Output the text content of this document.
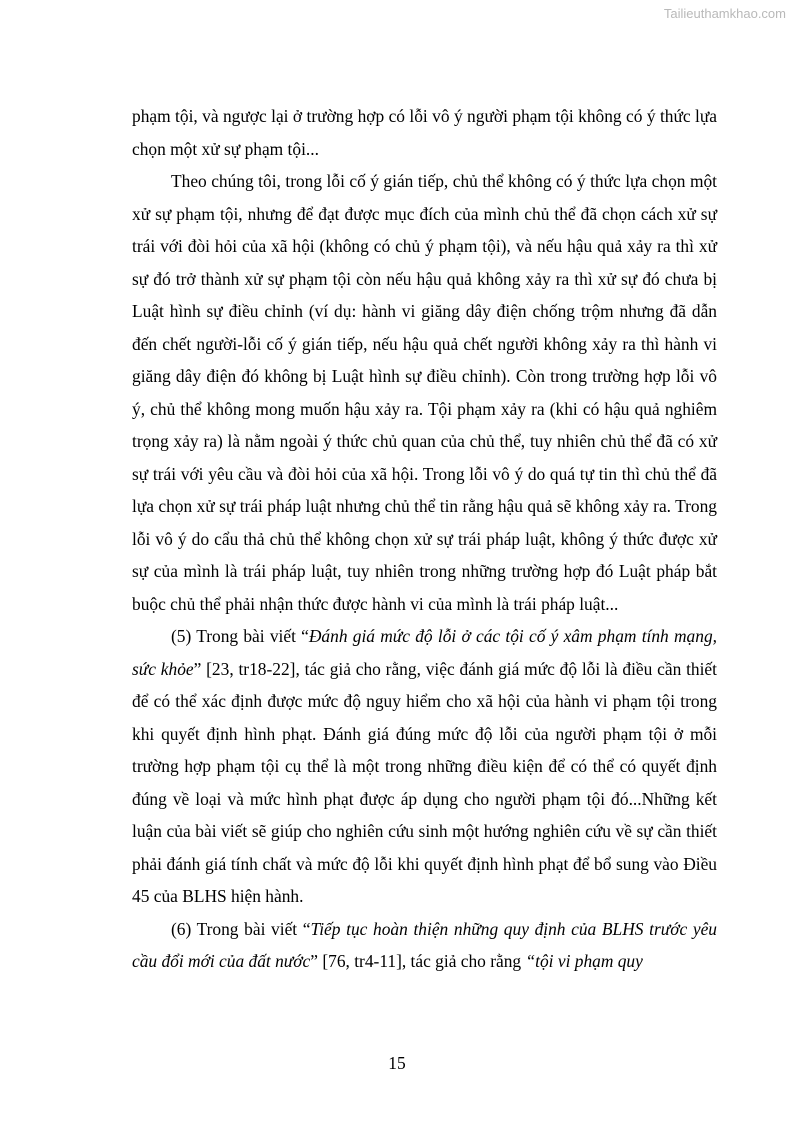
Tailieuthamkhao.com

phạm tội, và ngược lại ở trường hợp có lỗi vô ý người phạm tội không có ý thức lựa chọn một xử sự phạm tội...

Theo chúng tôi, trong lỗi cố ý gián tiếp, chủ thể không có ý thức lựa chọn một xử sự phạm tội, nhưng để đạt được mục đích của mình chủ thể đã chọn cách xử sự trái với đòi hỏi của xã hội (không có chủ ý phạm tội), và nếu hậu quả xảy ra thì xử sự đó trở thành xử sự phạm tội còn nếu hậu quả không xảy ra thì xử sự đó chưa bị Luật hình sự điều chỉnh (ví dụ: hành vi giăng dây điện chống trộm nhưng đã dẫn đến chết người-lỗi cố ý gián tiếp, nếu hậu quả chết người không xảy ra thì hành vi giăng dây điện đó không bị Luật hình sự điều chỉnh). Còn trong trường hợp lỗi vô ý, chủ thể không mong muốn hậu xảy ra. Tội phạm xảy ra (khi có hậu quả nghiêm trọng xảy ra) là nằm ngoài ý thức chủ quan của chủ thể, tuy nhiên chủ thể đã có xử sự trái với yêu cầu và đòi hỏi của xã hội. Trong lỗi vô ý do quá tự tin thì chủ thể đã lựa chọn xử sự trái pháp luật nhưng chủ thể tin rằng hậu quả sẽ không xảy ra. Trong lỗi vô ý do cẩu thả chủ thể không chọn xử sự trái pháp luật, không ý thức được xử sự của mình là trái pháp luật, tuy nhiên trong những trường hợp đó Luật pháp bắt buộc chủ thể phải nhận thức được hành vi của mình là trái pháp luật...

(5) Trong bài viết “Đánh giá mức độ lỗi ở các tội cố ý xâm phạm tính mạng, sức khỏe” [23, tr18-22], tác giả cho rằng, việc đánh giá mức độ lỗi là điều cần thiết để có thể xác định được mức độ nguy hiểm cho xã hội của hành vi phạm tội trong khi quyết định hình phạt. Đánh giá đúng mức độ lỗi của người phạm tội ở mỗi trường hợp phạm tội cụ thể là một trong những điều kiện để có thể có quyết định đúng về loại và mức hình phạt được áp dụng cho người phạm tội đó...Những kết luận của bài viết sẽ giúp cho nghiên cứu sinh một hướng nghiên cứu về sự cần thiết phải đánh giá tính chất và mức độ lỗi khi quyết định hình phạt để bổ sung vào Điều 45 của BLHS hiện hành.

(6) Trong bài viết “Tiếp tục hoàn thiện những quy định của BLHS trước yêu cầu đổi mới của đất nước” [76, tr4-11], tác giả cho rằng “tội vi phạm quy

15
